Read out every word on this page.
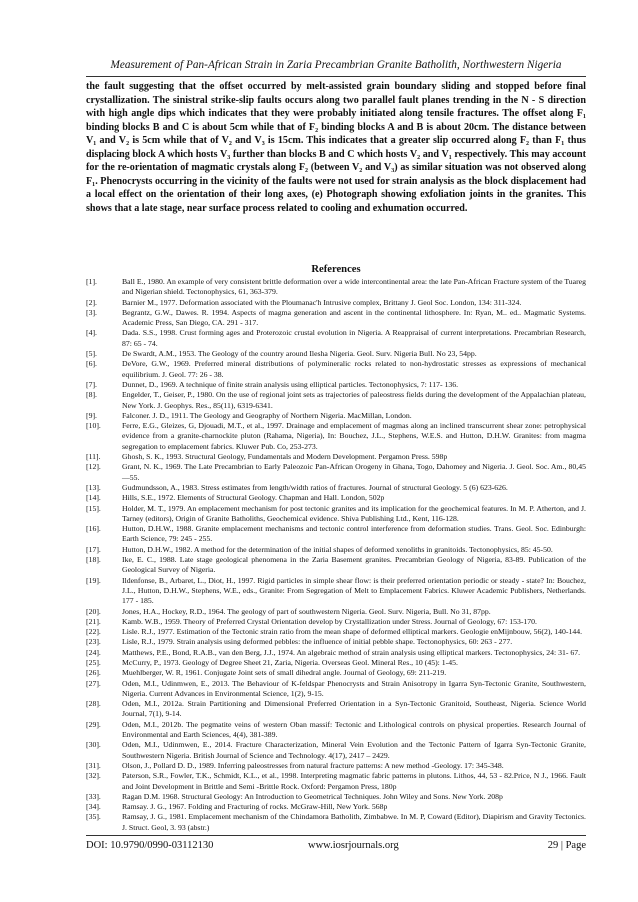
Measurement of Pan-African Strain in Zaria Precambrian Granite Batholith, Northwestern Nigeria

the fault suggesting that the offset occurred by melt-assisted grain boundary sliding and stopped before final crystallization. The sinistral strike-slip faults occurs along two parallel fault planes trending in the N - S direction with high angle dips which indicates that they were probably initiated along tensile fractures. The offset along F₁ binding blocks B and C is about 5cm while that of F₂ binding blocks A and B is about 20cm. The distance between V₁ and V₂ is 5cm while that of V₂ and V₃ is 15cm. This indicates that a greater slip occurred along F₂ than F₁ thus displacing block A which hosts V₃ further than blocks B and C which hosts V₂ and V₁ respectively. This may account for the re-orientation of magmatic crystals along F₂ (between V₂ and V₃) as similar situation was not observed along F₁. Phenocrysts occurring in the vicinity of the faults were not used for strain analysis as the block displacement had a local effect on the orientation of their long axes, (e) Photograph showing exfoliation joints in the granites. This shows that a late stage, near surface process related to cooling and exhumation occurred.

References
[1].	Ball E., 1980. An example of very consistent brittle deformation over a wide intercontinental area: the late Pan-African Fracture system of the Tuareg and Nigerian shield. Tectonophysics, 61, 363-379.
[2].	Barnier M., 1977. Deformation associated with the Ploumanac'h Intrusive complex, Brittany J. Geol Soc. London, 134: 311-324.
[3].	Begrantz, G.W., Dawes. R. 1994. Aspects of magma generation and ascent in the continental lithosphere. In: Ryan, M.. ed.. Magmatic Systems. Academic Press, San Diego, CA. 291 - 317.
[4].	Dada. S.S., 1998. Crust forming ages and Proterozoic crustal evolution in Nigeria. A Reappraisal of current interpretations. Precambrian Research, 87: 65 - 74.
[5].	De Swardt, A.M., 1953. The Geology of the country around Ilesha Nigeria. Geol. Surv. Nigeria Bull. No 23, 54pp.
[6].	DeVore, G.W., 1969. Preferred mineral distributions of polymineralic rocks related to non-hydrostatic stresses as expressions of mechanical equilibrium. J. Geol. 77: 26 - 38.
[7].	Dunnet, D., 1969. A technique of finite strain analysis using elliptical particles. Tectonophysics, 7: 117- 136.
[8].	Engelder, T., Geiser, P., 1980. On the use of regional joint sets as trajectories of paleostress fields during the development of the Appalachian plateau, New York. J. Geophys. Res., 85(11), 6319-6341.
[9].	Falconer. J. D., 1911. The Geology and Geography of Northern Nigeria. MacMillan, London.
[10].	Ferre, E.G., Gleizes, G, Djouadi, M.T., et al., 1997. Drainage and emplacement of magmas along an inclined transcurrent shear zone: petrophysical evidence from a granite-charnockite pluton (Rahama, Nigeria), In: Bouchez, J.L., Stephens, W.E.S. and Hutton, D.H.W. Granites: from magma segregation to emplacement fabrics. Kluwer Pub. Co, 253-273.
[11].	Ghosh, S. K., 1993. Structural Geology, Fundamentals and Modern Development. Pergamon Press. 598p
[12].	Grant, N. K., 1969. The Late Precambrian to Early Paleozoic Pan-African Orogeny in Ghana, Togo, Dahomey and Nigeria. J. Geol. Soc. Am., 80,45—55.
[13].	Gudmundsson, A., 1983. Stress estimates from length/width ratios of fractures. Journal of structural Geology. 5 (6) 623-626.
[14].	Hills, S.E., 1972. Elements of Structural Geology. Chapman and Hall. London, 502p
[15].	Holder, M. T., 1979. An emplacement mechanism for post tectonic granites and its implication for the geochemical features. In M. P. Atherton, and J. Tarney (editors), Origin of Granite Batholiths, Geochemical evidence. Shiva Publishing Ltd., Kent, 116-128.
[16].	Hutton, D.H.W., 1988. Granite emplacement mechanisms and tectonic control interference from deformation studies. Trans. Geol. Soc. Edinburgh: Earth Science, 79: 245 - 255.
[17].	Hutton, D.H.W., 1982. A method for the determination of the initial shapes of deformed xenoliths in granitoids. Tectonophysics, 85: 45-50.
[18].	Ike, E. C., 1988. Late stage geological phenomena in the Zaria Basement granites. Precambrian Geology of Nigeria, 83-89. Publication of the Geological Survey of Nigeria.
[19].	Ildenfonse, B., Arbaret, L., Diot, H., 1997. Rigid particles in simple shear flow: is their preferred orientation periodic or steady - state? In: Bouchez, J.L., Hutton, D.H.W., Stephens, W.E., eds., Granite: From Segregation of Melt to Emplacement Fabrics. Kluwer Academic Publishers, Netherlands. 177 - 185.
[20].	Jones, H.A., Hockey, R.D., 1964. The geology of part of southwestern Nigeria. Geol. Surv. Nigeria, Bull. No 31, 87pp.
[21].	Kamb. W.B., 1959. Theory of Preferred Crystal Orientation develop by Crystallization under Stress. Journal of Geology, 67: 153-170.
[22].	Lisle. R.J., 1977. Estimation of the Tectonic strain ratio from the mean shape of deformed elliptical markers. Geologie enMijnbouw, 56(2), 140-144.
[23].	Lisle, R.J., 1979. Strain analysis using deformed pebbles: the influence of initial pebble shape. Tectonophysics, 60: 263 - 277.
[24].	Matthews, P.E., Bond, R.A.B., van den Berg, J.J., 1974. An algebraic method of strain analysis using elliptical markers. Tectonophysics, 24: 31- 67.
[25].	McCurry, P., 1973. Geology of Degree Sheet 21, Zaria, Nigeria. Overseas Geol. Mineral Res., 10 (45): 1-45.
[26].	Muehlberger, W. R, 1961. Conjugate Joint sets of small dihedral angle. Journal of Geology, 69: 211-219.
[27].	Oden, M.I., Udinmwen, E., 2013. The Behaviour of K-feldspar Phenocrysts and Strain Anisotropy in Igarra Syn-Tectonic Granite, Southwestern, Nigeria. Current Advances in Environmental Science, 1(2), 9-15.
[28].	Oden, M.I., 2012a. Strain Partitioning and Dimensional Preferred Orientation in a Syn-Tectonic Granitoid, Southeast, Nigeria. Science World Journal, 7(1), 9-14.
[29].	Oden, M.I., 2012b. The pegmatite veins of western Oban massif: Tectonic and Lithological controls on physical properties. Research Journal of Environmental and Earth Sciences, 4(4), 381-389.
[30].	Oden, M.I., Udinmwen, E., 2014. Fracture Characterization, Mineral Vein Evolution and the Tectonic Pattern of Igarra Syn-Tectonic Granite, Southwestern Nigeria. British Journal of Science and Technology. 4(17), 2417 – 2429.
[31].	Olson, J., Pollard D. D., 1989. Inferring paleostresses from natural fracture patterns: A new method -Geology. 17: 345-348.
[32].	Paterson, S.R., Fowler, T.K., Schmidt, K.L., et al., 1998. Interpreting magmatic fabric patterns in plutons. Lithos, 44, 53 - 82.Price, N J., 1966. Fault and Joint Development in Brittle and Semi -Brittle Rock. Oxford: Pergamon Press, 180p
[33].	Ragan D.M. 1968. Structural Geology: An Introduction to Geometrical Techniques. John Wiley and Sons. New York. 208p
[34].	Ramsay. J. G., 1967. Folding and Fracturing of rocks. McGraw-Hill, New York. 568p
[35].	Ramsay, J. G., 1981. Emplacement mechanism of the Chindamora Batholith, Zimbabwe. In M. P, Coward (Editor), Diapirism and Gravity Tectonics. J. Struct. Geol, 3. 93 (abstr.)
DOI: 10.9790/0990-03112130	www.iosrjournals.org	29 | Page
